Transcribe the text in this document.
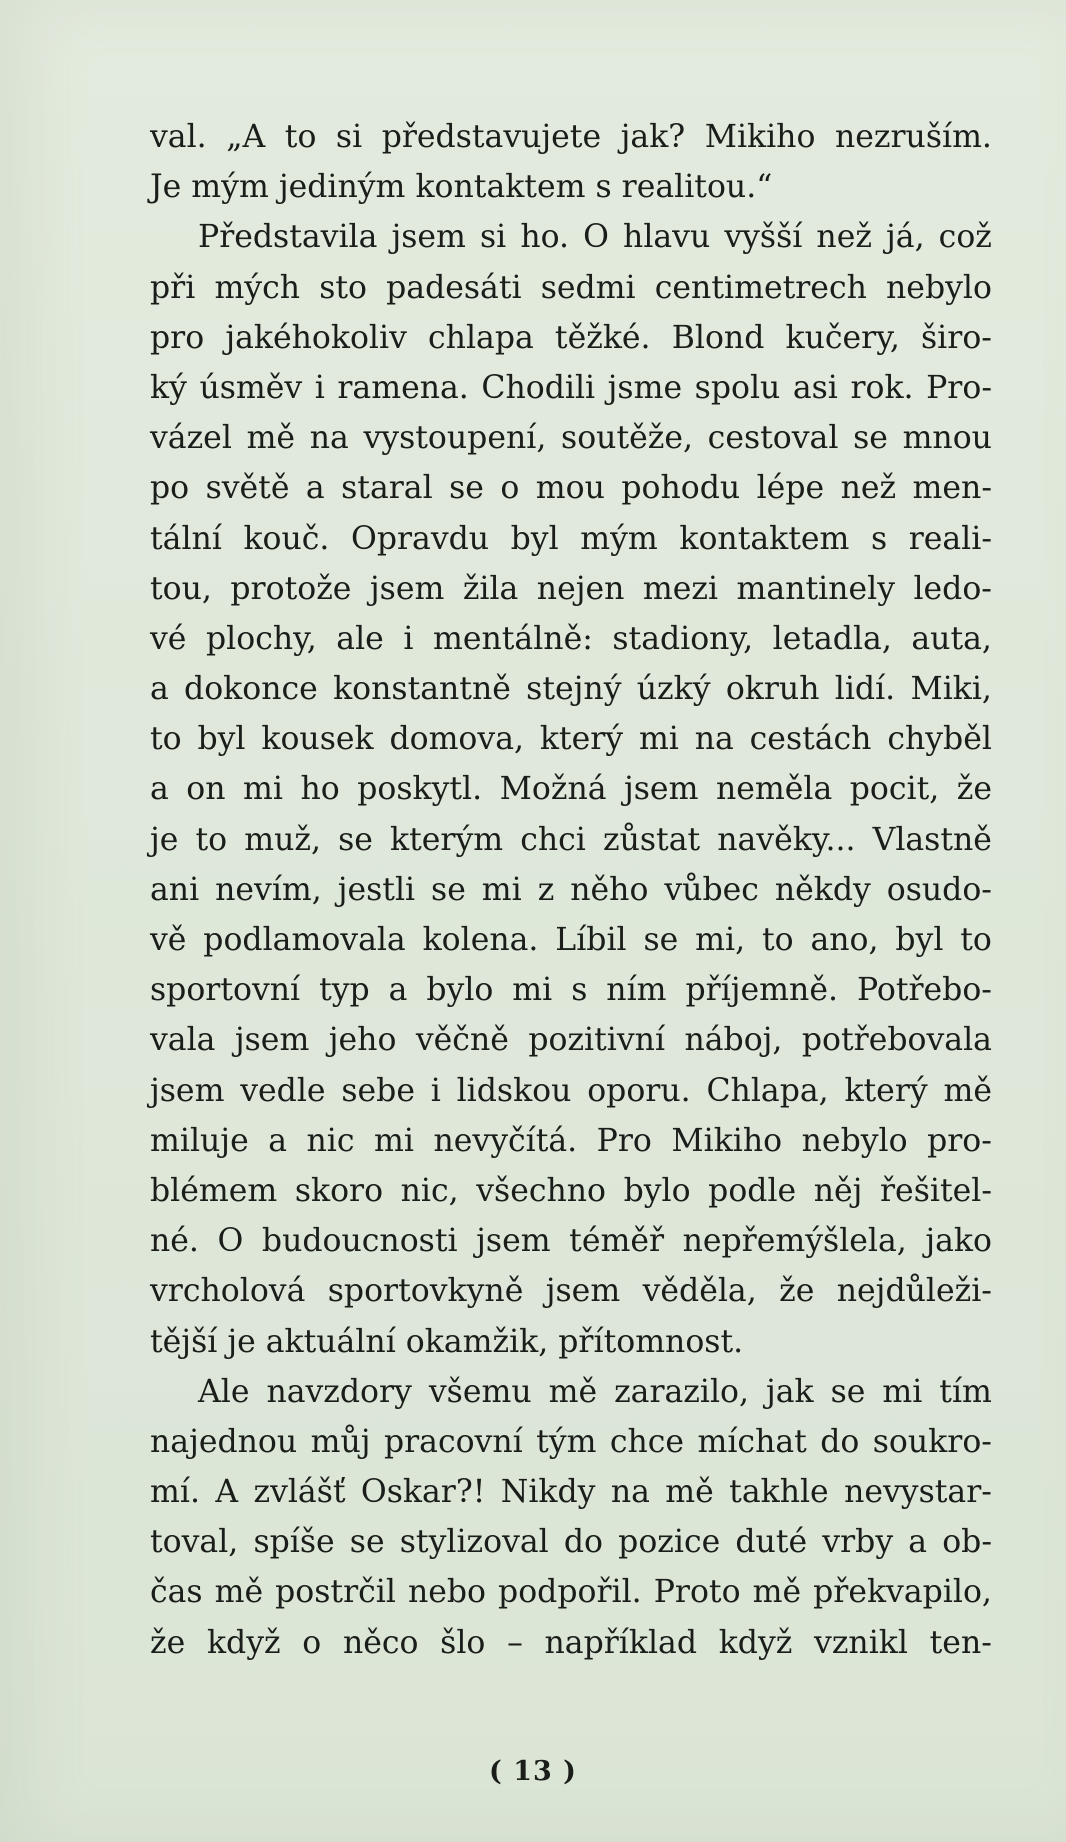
val. „A to si představujete jak? Mikiho nezruším.
Je mým jediným kontaktem s realitou.“
Představila jsem si ho. O hlavu vyšší než já, což
při mých sto padesáti sedmi centimetrech nebylo
pro jakéhokoliv chlapa těžké. Blond kučery, širo-
ký úsměv i ramena. Chodili jsme spolu asi rok. Pro-
vázel mě na vystoupení, soutěže, cestoval se mnou
po světě a staral se o mou pohodu lépe než men-
tální kouč. Opravdu byl mým kontaktem s reali-
tou, protože jsem žila nejen mezi mantinely ledo-
vé plochy, ale i mentálně: stadiony, letadla, auta,
a dokonce konstantně stejný úzký okruh lidí. Miki,
to byl kousek domova, který mi na cestách chyběl
a on mi ho poskytl. Možná jsem neměla pocit, že
je to muž, se kterým chci zůstat navěky... Vlastně
ani nevím, jestli se mi z něho vůbec někdy osudo-
vě podlamovala kolena. Líbil se mi, to ano, byl to
sportovní typ a bylo mi s ním příjemně. Potřebo-
vala jsem jeho věčně pozitivní náboj, potřebovala
jsem vedle sebe i lidskou oporu. Chlapa, který mě
miluje a nic mi nevyčítá. Pro Mikiho nebylo pro-
blémem skoro nic, všechno bylo podle něj řešitel-
né. O budoucnosti jsem téměř nepřemýšlela, jako
vrcholová sportovkyně jsem věděla, že nejdůleži-
tější je aktuální okamžik, přítomnost.
Ale navzdory všemu mě zarazilo, jak se mi tím
najednou můj pracovní tým chce míchat do soukro-
mí. A zvlášť Oskar?! Nikdy na mě takhle nevystar-
toval, spíše se stylizoval do pozice duté vrby a ob-
čas mě postrčil nebo podpořil. Proto mě překvapilo,
že když o něco šlo – například když vznikl ten-
( 13 )
